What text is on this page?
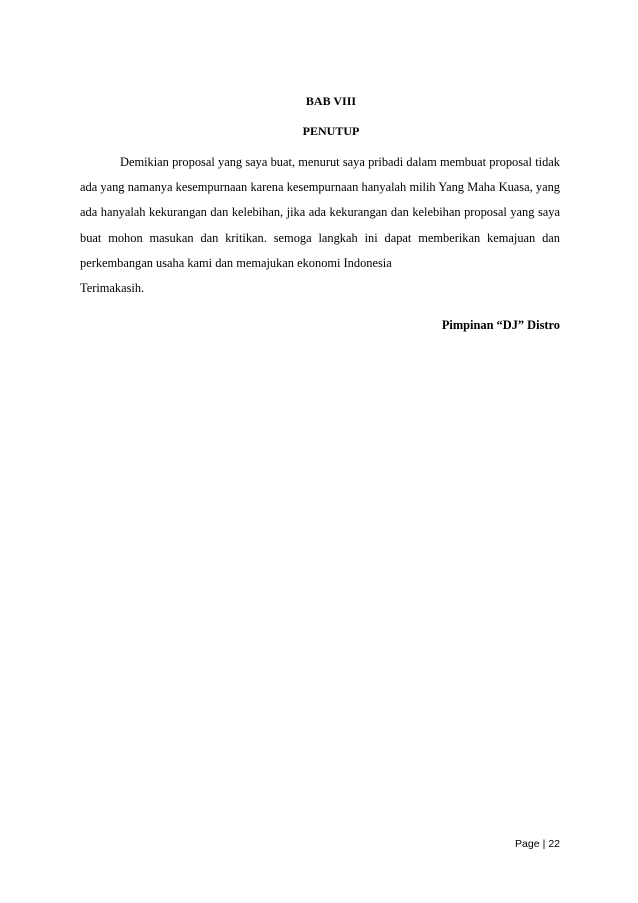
BAB VIII
PENUTUP

Demikian proposal yang saya buat, menurut saya pribadi dalam membuat proposal tidak ada yang namanya kesempurnaan karena kesempurnaan hanyalah milih Yang Maha Kuasa, yang ada hanyalah kekurangan dan kelebihan, jika ada kekurangan dan kelebihan proposal yang saya buat mohon masukan dan kritikan. semoga langkah ini dapat memberikan kemajuan dan perkembangan usaha kami dan memajukan ekonomi Indonesia

Terimakasih.

Pimpinan “DJ” Distro

Page | 22
